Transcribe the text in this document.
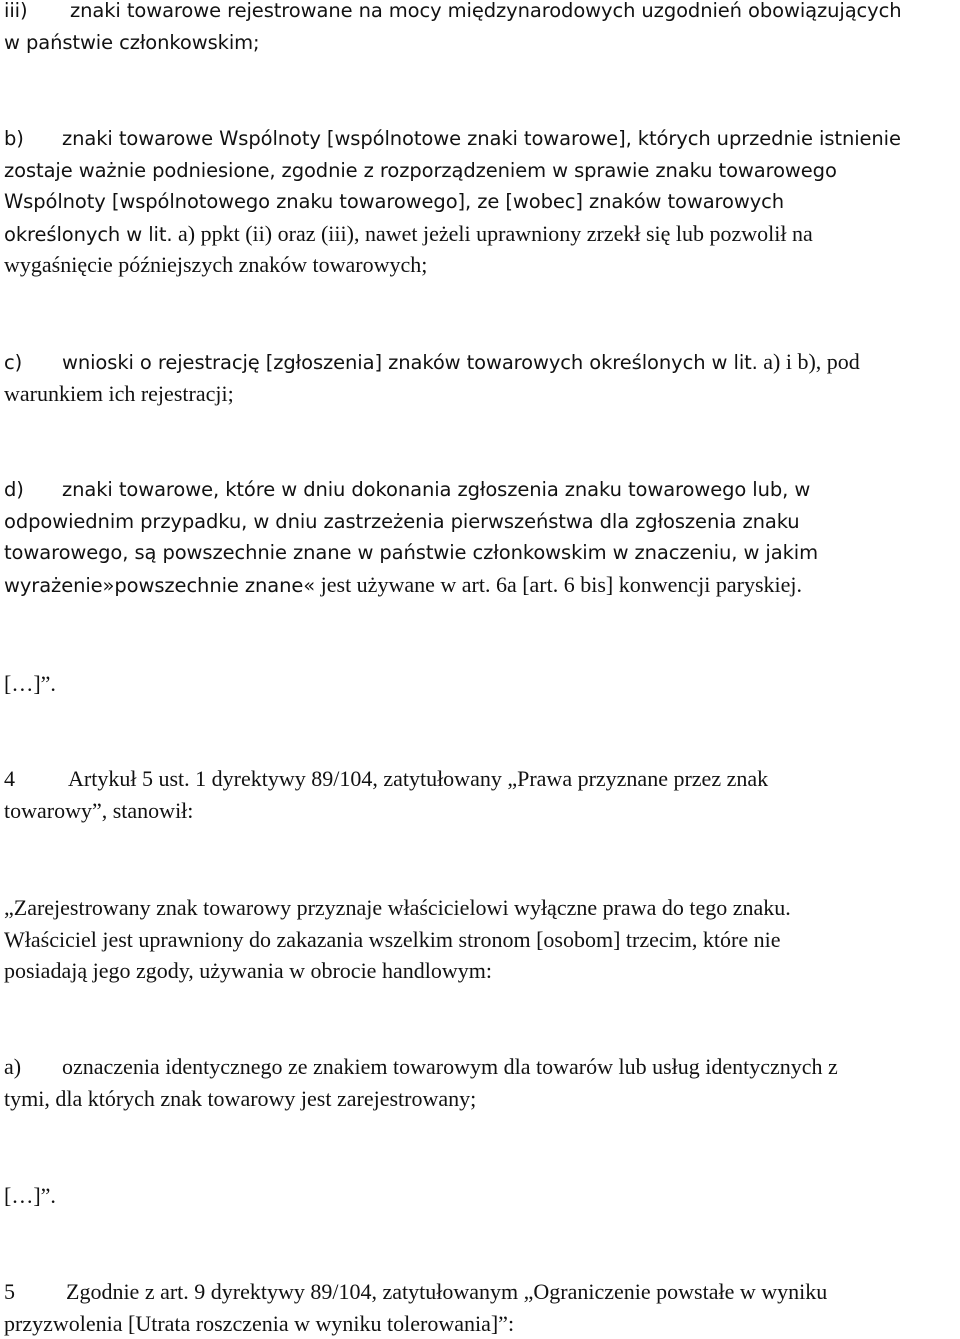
iii) znaki towarowe rejestrowane na mocy międzynarodowych uzgodnień obowiązujących
w państwie członkowskim;
b) znaki towarowe Wspólnoty [wspólnotowe znaki towarowe], których uprzednie istnienie
zostaje ważnie podniesione, zgodnie z rozporządzeniem w sprawie znaku towarowego
Wspólnoty [wspólnotowego znaku towarowego], ze [wobec] znaków towarowych
określonych w lit. a) ppkt (ii) oraz (iii), nawet jeżeli uprawniony zrzekł się lub pozwolił na
wygaśnięcie późniejszych znaków towarowych;
c) wnioski o rejestrację [zgłoszenia] znaków towarowych określonych w lit. a) i b), pod
warunkiem ich rejestracji;
d) znaki towarowe, które w dniu dokonania zgłoszenia znaku towarowego lub, w
odpowiednim przypadku, w dniu zastrzeżenia pierwszeństwa dla zgłoszenia znaku
towarowego, są powszechnie znane w państwie członkowskim w znaczeniu, w jakim
wyrażenie»powszechnie znane« jest używane w art. 6a [art. 6 bis] konwencji paryskiej.
[…]”.
4 Artykuł 5 ust. 1 dyrektywy 89/104, zatytułowany „Prawa przyznane przez znak
towarowy”, stanowił:
„Zarejestrowany znak towarowy przyznaje właścicielowi wyłączne prawa do tego znaku.
Właściciel jest uprawniony do zakazania wszelkim stronom [osobom] trzecim, które nie
posiadają jego zgody, używania w obrocie handlowym:
a) oznaczenia identycznego ze znakiem towarowym dla towarów lub usług identycznych z
tymi, dla których znak towarowy jest zarejestrowany;
[…]”.
5 Zgodnie z art. 9 dyrektywy 89/104, zatytułowanym „Ograniczenie powstałe w wyniku
przyzwolenia [Utrata roszczenia w wyniku tolerowania]”:
